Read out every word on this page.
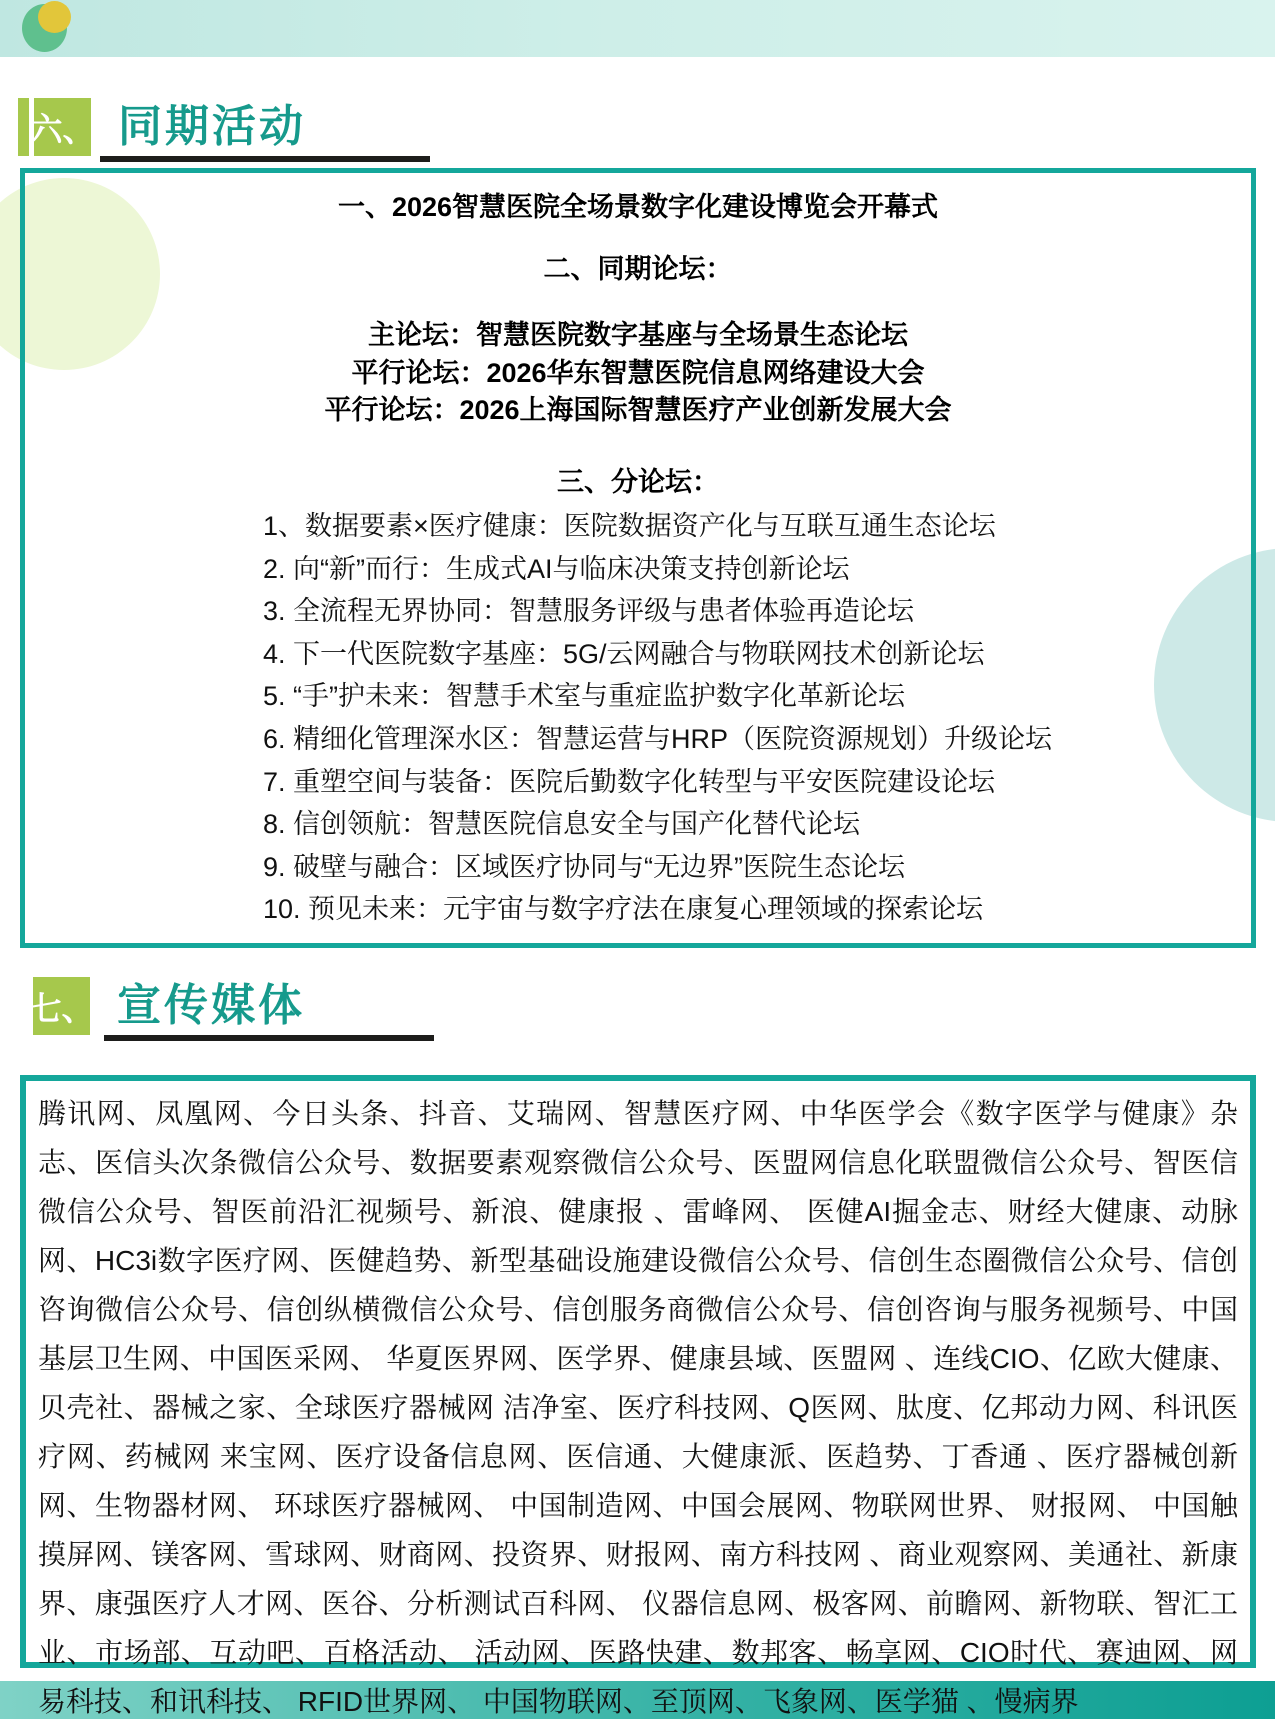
六、 同期活动
一、2026智慧医院全场景数字化建设博览会开幕式
二、同期论坛：
主论坛：智慧医院数字基座与全场景生态论坛
平行论坛：2026华东智慧医院信息网络建设大会
平行论坛：2026上海国际智慧医疗产业创新发展大会
三、分论坛：
1、数据要素×医疗健康：医院数据资产化与互联互通生态论坛
2. 向“新”而行：生成式AI与临床决策支持创新论坛
3. 全流程无界协同：智慧服务评级与患者体验再造论坛
4. 下一代医院数字基座：5G/云网融合与物联网技术创新论坛
5. “手”护未来：智慧手术室与重症监护数字化革新论坛
6. 精细化管理深水区：智慧运营与HRP（医院资源规划）升级论坛
7. 重塑空间与装备：医院后勤数字化转型与平安医院建设论坛
8. 信创领航：智慧医院信息安全与国产化替代论坛
9. 破壁与融合：区域医疗协同与“无边界”医院生态论坛
10. 预见未来：元宇宙与数字疗法在康复心理领域的探索论坛
七、 宣传媒体
腾讯网、凤凰网、今日头条、抖音、艾瑞网、智慧医疗网、中华医学会《数字医学与健康》杂志、医信头次条微信公众号、数据要素观察微信公众号、医盟网信息化联盟微信公众号、智医信微信公众号、智医前沿汇视频号、新浪、健康报 、雷峰网、 医健AI掘金志、财经大健康、动脉网、HC3i数字医疗网、医健趋势、新型基础设施建设微信公众号、信创生态圈微信公众号、信创咨询微信公众号、信创纵横微信公众号、信创服务商微信公众号、信创咨询与服务视频号、中国基层卫生网、中国医采网、 华夏医界网、医学界、健康县域、医盟网 、连线CIO、亿欧大健康、贝壳社、器械之家、全球医疗器械网 洁净室、医疗科技网、Q医网、肽度、亿邦动力网、科讯医疗网、药械网 来宝网、医疗设备信息网、医信通、大健康派、医趋势、丁香通 、医疗器械创新网、生物器材网、 环球医疗器械网、 中国制造网、中国会展网、物联网世界、 财报网、 中国触摸屏网、镁客网、雪球网、财商网、投资界、财报网、南方科技网 、商业观察网、美通社、新康界、康强医疗人才网、医谷、分析测试百科网、 仪器信息网、极客网、前瞻网、新物联、智汇工业、市场部、互动吧、百格活动、 活动网、医路快建、数邦客、畅享网、CIO时代、赛迪网、网易科技、和讯科技、 RFID世界网、 中国物联网、至顶网、飞象网、医学猫 、慢病界
